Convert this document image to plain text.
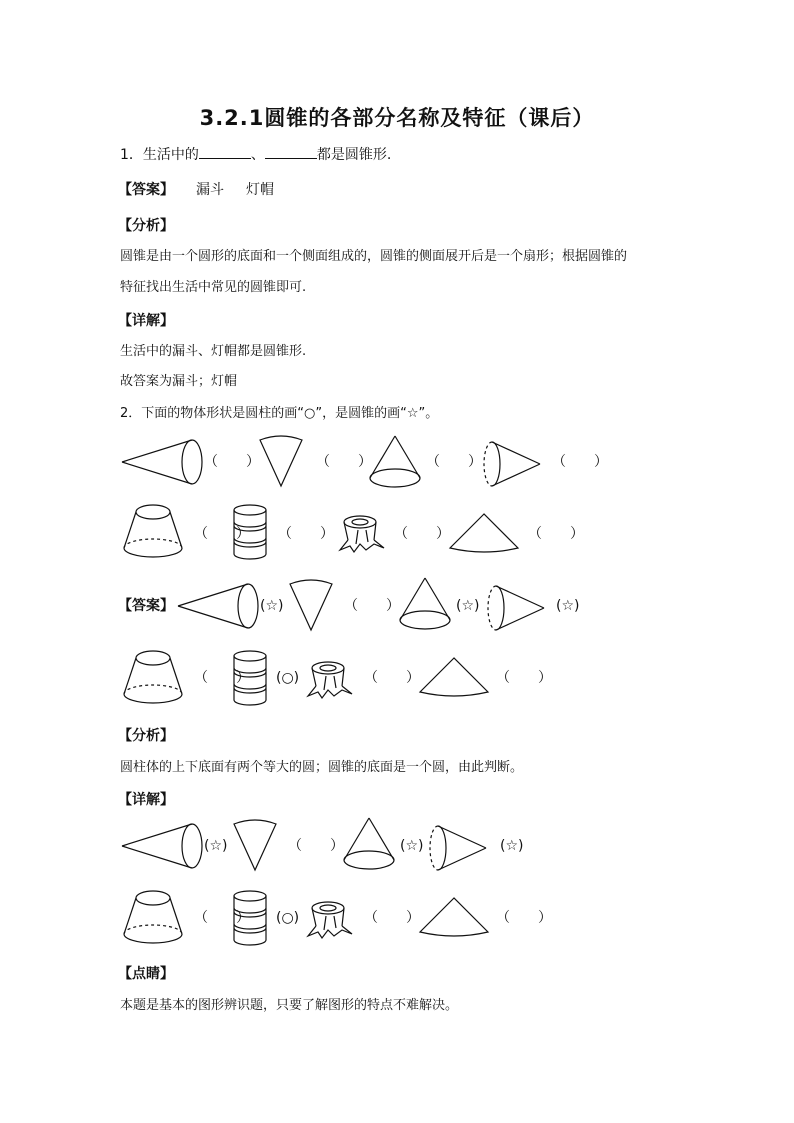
3.2.1圆锥的各部分名称及特征（课后）
1．生活中的	、	都是圆锥形.
【答案】 漏斗 灯帽
【分析】
圆锥是由一个圆形的底面和一个侧面组成的，圆锥的侧面展开后是一个扇形；根据圆锥的
特征找出生活中常见的圆锥即可.
【详解】
生活中的漏斗、灯帽都是圆锥形.
故答案为漏斗；灯帽
2．下面的物体形状是圆柱的画“○”，是圆锥的画“☆”。
（　　）	（　　）	（　　）	（　　）
（　　） （　　）	（　　）	（　　）
【答案】	(☆)	（　　）	(☆)	(☆)
（　　） (○)	（　　）	（　　）
【分析】
圆柱体的上下底面有两个等大的圆；圆锥的底面是一个圆，由此判断。
【详解】
(☆)	（　　）	(☆)	(☆)
（　　） (○)	（　　）	（　　）
【点睛】
本题是基本的图形辨识题，只要了解图形的特点不难解决。
